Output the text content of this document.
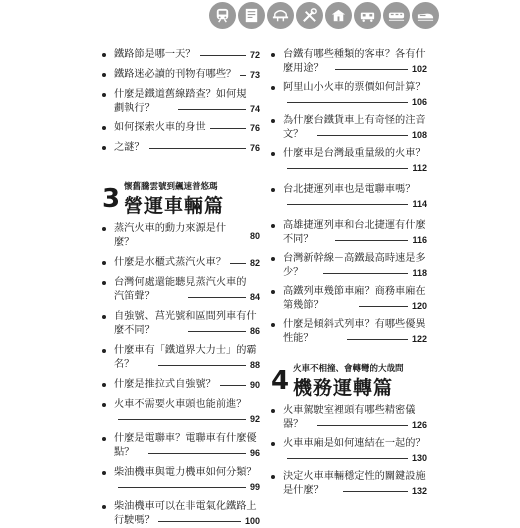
鐵路節是哪一天？	72
鐵路迷必讀的刊物有哪些？ 73
什麼是鐵道舊線踏查？如何規劃執行？	74
如何探索火車的身世	76
之謎？	76
3 懷舊騰雲號到飆速普悠瑪
營運車輛篇
蒸汽火車的動力來源是什麼？
80
什麼是水櫃式蒸汽火車？	82
台灣何處還能聽見蒸汽火車的汽笛聲？	84
自強號、莒光號和區間列車有什麼不同？	86
什麼車有「鐵道界大力士」的霸名？	88
什麼是推拉式自強號？	90
火車不需要火車頭也能前進？
92
什麼是電聯車？電聯車有什麼優點？	96
柴油機車與電力機車如何分類？
99
柴油機車可以在非電氣化鐵路上行駛嗎？	100
台鐵有哪些種類的客車？各有什麼用途？	102
阿里山小火車的票價如何計算？
106
為什麼台鐵貨車上有奇怪的注音文？	108
什麼車是台灣最重量級的火車？
112
台北捷運列車也是電聯車嗎？
114
高雄捷運列車和台北捷運有什麼不同？	116
台灣新幹線－高鐵最高時速是多少？	118
高鐵列車幾節車廂？商務車廂在第幾節？	120
什麼是傾斜式列車？有哪些優異性能？	122
4 火車不相撞、會轉彎的大哉問
機務運轉篇
火車駕駛室裡頭有哪些精密儀器？	126
火車車廂是如何連結在一起的？
130
決定火車車輛穩定性的關鍵設施是什麼？	132
